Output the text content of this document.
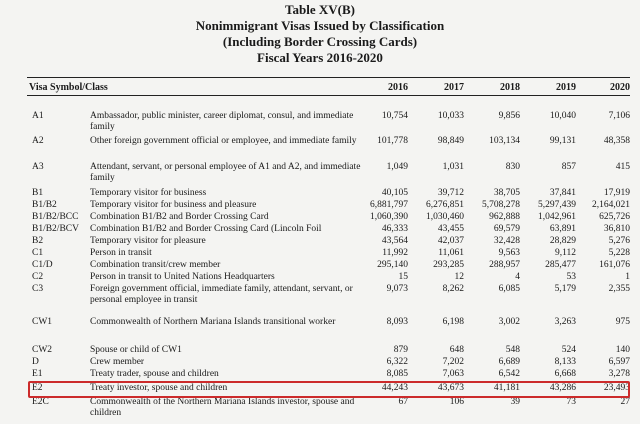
Table XV(B)
Nonimmigrant Visas Issued by Classification
(Including Border Crossing Cards)
Fiscal Years 2016-2020
Visa Symbol/Class	2016	2017	2018	2019	2020
A1	Ambassador, public minister, career diplomat, consul, and immediate family
10,754	10,033	9,856	10,040	7,106
A2	Other foreign government official or employee, and immediate family	101,778	98,849	103,134	99,131	48,358
A3	Attendant, servant, or personal employee of A1 and A2, and immediate family
1,049	1,031	830	857	415
B1	Temporary visitor for business	40,105	39,712	38,705	37,841	17,919
B1/B2	Temporary visitor for business and pleasure	6,881,797	6,276,851	5,708,278	5,297,439	2,164,021
B1/B2/BCC Combination B1/B2 and Border Crossing Card	1,060,390	1,030,460	962,888	1,042,961	625,726
B1/B2/BCV Combination B1/B2 and Border Crossing Card (Lincoln Foil	46,333	43,455	69,579	63,891	36,810
B2	Temporary visitor for pleasure	43,564	42,037	32,428	28,829	5,276
C1	Person in transit	11,992	11,061	9,563	9,112	5,228
C1/D	Combination transit/crew member	295,140	293,285	288,957	285,477	161,076
C2	Person in transit to United Nations Headquarters	15	12	4	53	1
C3	Foreign government official, immediate family, attendant, servant, or personal employee in transit
9,073	8,262	6,085	5,179	2,355
CW1	Commonwealth of Northern Mariana Islands transitional worker	8,093	6,198	3,002	3,263	975
CW2	Spouse or child of CW1	879	648	548	524	140
D	Crew member	6,322	7,202	6,689	8,133	6,597
E1	Treaty trader, spouse and children	8,085	7,063	6,542	6,668	3,278
E2	Treaty investor, spouse and children	44,243	43,673	41,181	43,286	23,493
E2C	Commonwealth of the Northern Mariana Islands investor, spouse and children
67	106	39	73	27
